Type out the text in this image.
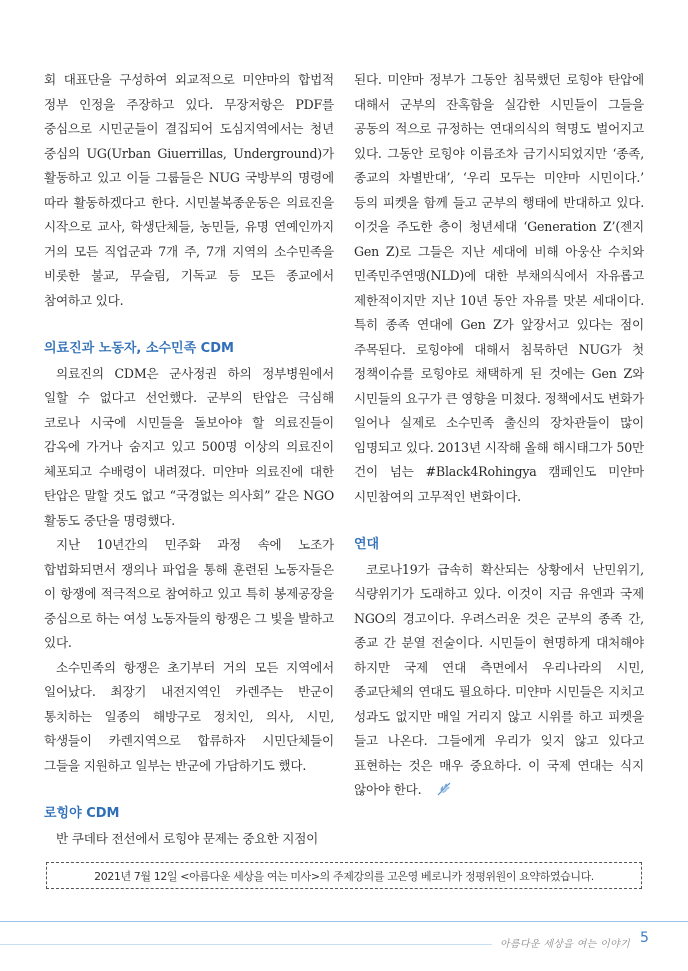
회 대표단을 구성하여 외교적으로 미얀마의 합법적 정부 인정을 주장하고 있다. 무장저항은 PDF를 중심으로 시민군들이 결집되어 도심지역에서는 청년 중심의 UG(Urban Giuerrillas, Underground)가 활동하고 있고 이들 그룹들은 NUG 국방부의 명령에 따라 활동하겠다고 한다. 시민불복종운동은 의료진을 시작으로 교사, 학생단체들, 농민들, 유명 연예인까지 거의 모든 직업군과 7개 주, 7개 지역의 소수민족을 비롯한 불교, 무슬림, 기독교 등 모든 종교에서 참여하고 있다.

의료진과 노동자, 소수민족 CDM

의료진의 CDM은 군사정권 하의 정부병원에서 일할 수 없다고 선언했다. 군부의 탄압은 극심해 코로나 시국에 시민들을 돌보아야 할 의료진들이 감옥에 가거나 숨지고 있고 500명 이상의 의료진이 체포되고 수배령이 내려졌다. 미얀마 의료진에 대한 탄압은 말할 것도 없고 “국경없는 의사회” 같은 NGO 활동도 중단을 명령했다.

지난 10년간의 민주화 과정 속에 노조가 합법화되면서 쟁의나 파업을 통해 훈련된 노동자들은 이 항쟁에 적극적으로 참여하고 있고 특히 봉제공장을 중심으로 하는 여성 노동자들의 항쟁은 그 빛을 발하고 있다.

소수민족의 항쟁은 초기부터 거의 모든 지역에서 일어났다. 최장기 내전지역인 카렌주는 반군이 통치하는 일종의 해방구로 정치인, 의사, 시민, 학생들이 카렌지역으로 합류하자 시민단체들이 그들을 지원하고 일부는 반군에 가담하기도 했다.

로힝야 CDM

반 쿠데타 전선에서 로힝야 문제는 중요한 지점이

된다. 미얀마 정부가 그동안 침묵했던 로힝야 탄압에 대해서 군부의 잔혹함을 실감한 시민들이 그들을 공동의 적으로 규정하는 연대의식의 혁명도 벌어지고 있다. 그동안 로힝야 이름조차 금기시되었지만 ‘종족, 종교의 차별반대’, ‘우리 모두는 미얀마 시민이다.’ 등의 피켓을 함께 들고 군부의 행태에 반대하고 있다. 이것을 주도한 층이 청년세대 ‘Generation Z’(젠지 Gen Z)로 그들은 지난 세대에 비해 아웅산 수치와 민족민주연맹(NLD)에 대한 부채의식에서 자유롭고 제한적이지만 지난 10년 동안 자유를 맛본 세대이다. 특히 종족 연대에 Gen Z가 앞장서고 있다는 점이 주목된다. 로힝야에 대해서 침묵하던 NUG가 첫 정책이슈를 로힝야로 채택하게 된 것에는 Gen Z와 시민들의 요구가 큰 영향을 미쳤다. 정책에서도 변화가 일어나 실제로 소수민족 출신의 장차관들이 많이 임명되고 있다. 2013년 시작해 올해 해시태그가 50만 건이 넘는 #Black4Rohingya 캠페인도 미얀마 시민참여의 고무적인 변화이다.

연대

코로나19가 급속히 확산되는 상황에서 난민위기, 식량위기가 도래하고 있다. 이것이 지금 유엔과 국제 NGO의 경고이다. 우려스러운 것은 군부의 종족 간, 종교 간 분열 전술이다. 시민들이 현명하게 대처해야 하지만 국제 연대 측면에서 우리나라의 시민, 종교단체의 연대도 필요하다. 미얀마 시민들은 지치고 성과도 없지만 매일 거리지 않고 시위를 하고 피켓을 들고 나온다. 그들에게 우리가 잊지 않고 있다고 표현하는 것은 매우 중요하다. 이 국제 연대는 식지 않아야 한다.

2021년 7월 12일 <아름다운 세상을 여는 미사>의 주제강의를 고은영 베로니카 정평위원이 요약하였습니다.
아름다운 세상을 여는 이야기 5
